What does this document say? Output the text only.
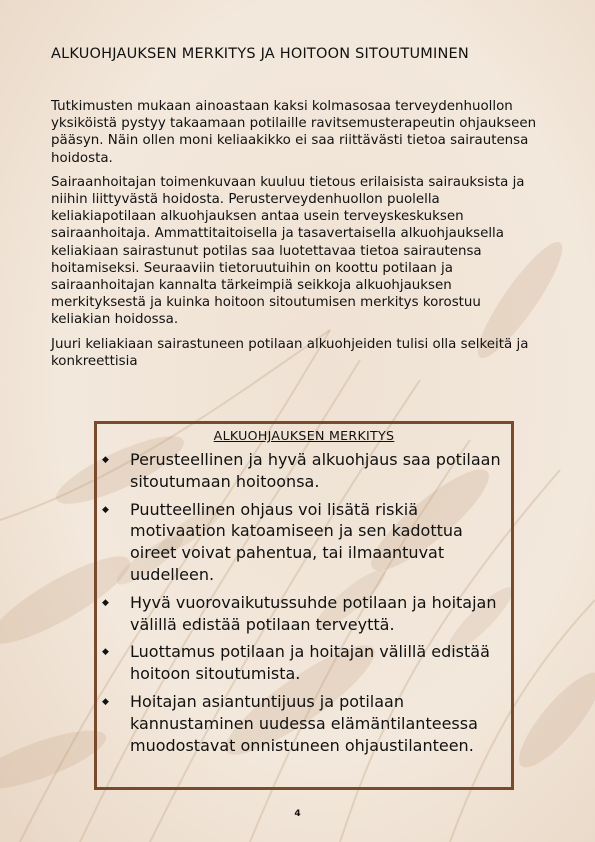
ALKUOHJAUKSEN MERKITYS JA HOITOON SITOUTUMINEN

Tutkimusten mukaan ainoastaan kaksi kolmasosaa terveydenhuollon yksiköistä pystyy takaamaan potilaille ravitsemusterapeutin ohjaukseen pääsyn. Näin ollen moni keliaakikko ei saa riittävästi tietoa sairautensa hoidosta.

Sairaanhoitajan toimenkuvaan kuuluu tietous erilaisista sairauksista ja niihin liittyvästä hoidosta. Perusterveydenhuollon puolella keliakiapotilaan alkuohjauksen antaa usein terveyskeskuksen sairaanhoitaja. Ammattitaitoisella ja tasavertaisella alkuohjauksella keliakiaan sairastunut potilas saa luotettavaa tietoa sairautensa hoitamiseksi. Seuraaviin tietoruutuihin on koottu potilaan ja sairaanhoitajan kannalta tärkeimpiä seikkoja alkuohjauksen merkityksestä ja kuinka hoitoon sitoutumisen merkitys korostuu keliakian hoidossa.

Juuri keliakiaan sairastuneen potilaan alkuohjeiden tulisi olla selkeitä ja konkreettisia

ALKUOHJAUKSEN MERKITYS
◆ Perusteellinen ja hyvä alkuohjaus saa potilaan sitoutumaan hoitoonsa.
◆ Puutteellinen ohjaus voi lisätä riskiä motivaation katoamiseen ja sen kadottua oireet voivat pahentua, tai ilmaantuvat uudelleen.
◆ Hyvä vuorovaikutussuhde potilaan ja hoitajan välillä edistää potilaan terveyttä.
◆ Luottamus potilaan ja hoitajan välillä edistää hoitoon sitoutumista.
◆ Hoitajan asiantuntijuus ja potilaan kannustaminen uudessa elämäntilanteessa muodostavat onnistuneen ohjaustilanteen.
4
